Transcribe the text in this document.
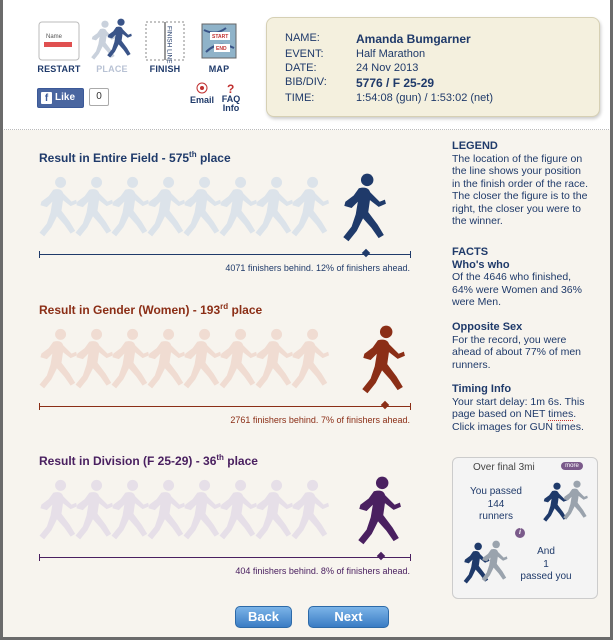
Name
RESTART	PLACE
FINISH LINE
FINISH
START
END
MAP
f Like	0	Email
?
FAQ
Info
NAME:	Amanda Bumgarner
EVENT:	Half Marathon
DATE:	24 Nov 2013
BIB/DIV:	5776 / F 25-29
TIME:	1:54:08 (gun) / 1:53:02 (net)
Result in Entire Field - 575th place
4071 finishers behind. 12% of finishers ahead.
Result in Gender (Women) - 193rd place
2761 finishers behind. 7% of finishers ahead.
Result in Division (F 25-29) - 36th place
404 finishers behind. 8% of finishers ahead.
LEGEND
The location of the figure on the line shows your position in the finish order of the race. The closer the figure is to the right, the closer you were to the winner.
FACTS
Who's who
Of the 4646 who finished, 64% were Women and 36% were Men.
Opposite Sex
For the record, you were ahead of about 77% of men runners.
Timing Info
Your start delay: 1m 6s. This page based on NET times. Click images for GUN times.
Over final 3mi	more
You passed
144
runners
i
And
1
passed you
Back	Next
